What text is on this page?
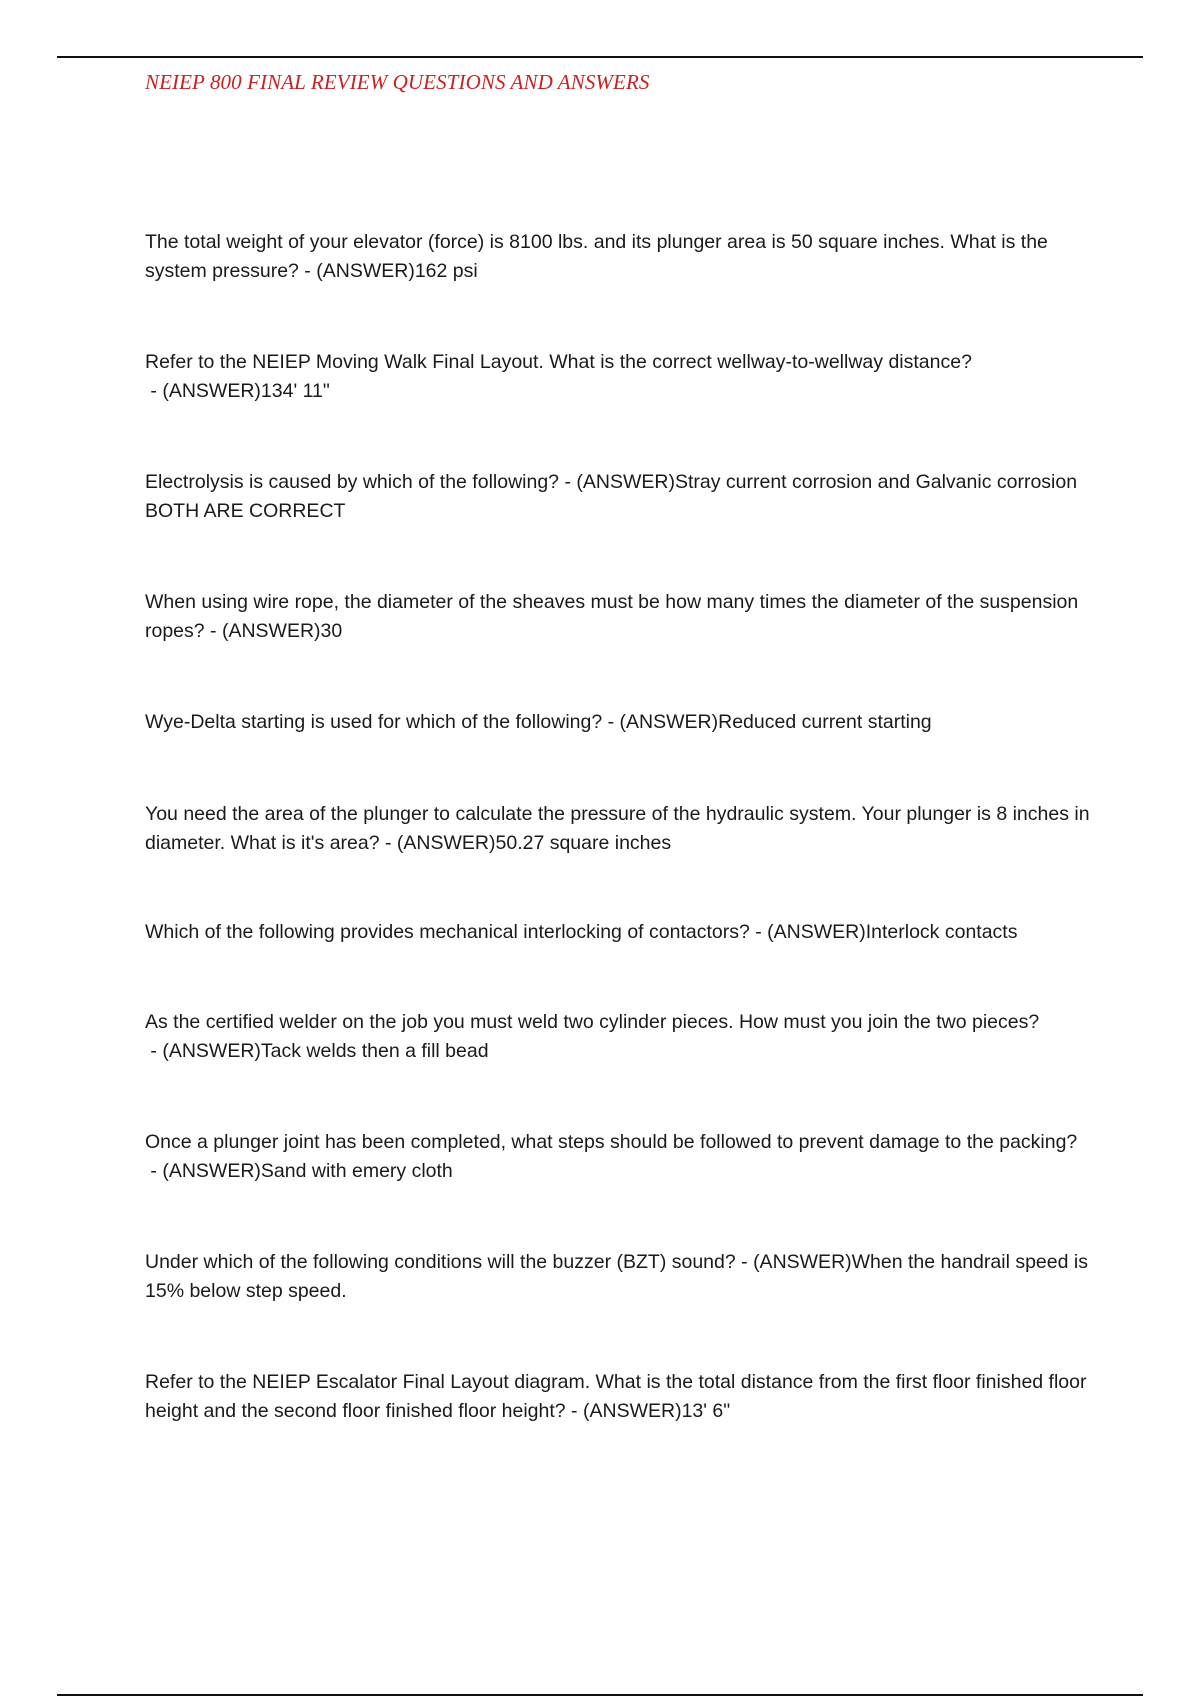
NEIEP 800 FINAL REVIEW QUESTIONS AND ANSWERS

The total weight of your elevator (force) is 8100 lbs. and its plunger area is 50 square inches. What is the system pressure? - (ANSWER)162 psi

Refer to the NEIEP Moving Walk Final Layout. What is the correct wellway-to-wellway distance? - (ANSWER)134' 11"

Electrolysis is caused by which of the following? - (ANSWER)Stray current corrosion and Galvanic corrosion BOTH ARE CORRECT

When using wire rope, the diameter of the sheaves must be how many times the diameter of the suspension ropes? - (ANSWER)30

Wye-Delta starting is used for which of the following? - (ANSWER)Reduced current starting

You need the area of the plunger to calculate the pressure of the hydraulic system. Your plunger is 8 inches in diameter. What is it's area? - (ANSWER)50.27 square inches

Which of the following provides mechanical interlocking of contactors? - (ANSWER)Interlock contacts

As the certified welder on the job you must weld two cylinder pieces. How must you join the two pieces? - (ANSWER)Tack welds then a fill bead

Once a plunger joint has been completed, what steps should be followed to prevent damage to the packing? - (ANSWER)Sand with emery cloth

Under which of the following conditions will the buzzer (BZT) sound? - (ANSWER)When the handrail speed is 15% below step speed.

Refer to the NEIEP Escalator Final Layout diagram. What is the total distance from the first floor finished floor height and the second floor finished floor height? - (ANSWER)13' 6"
